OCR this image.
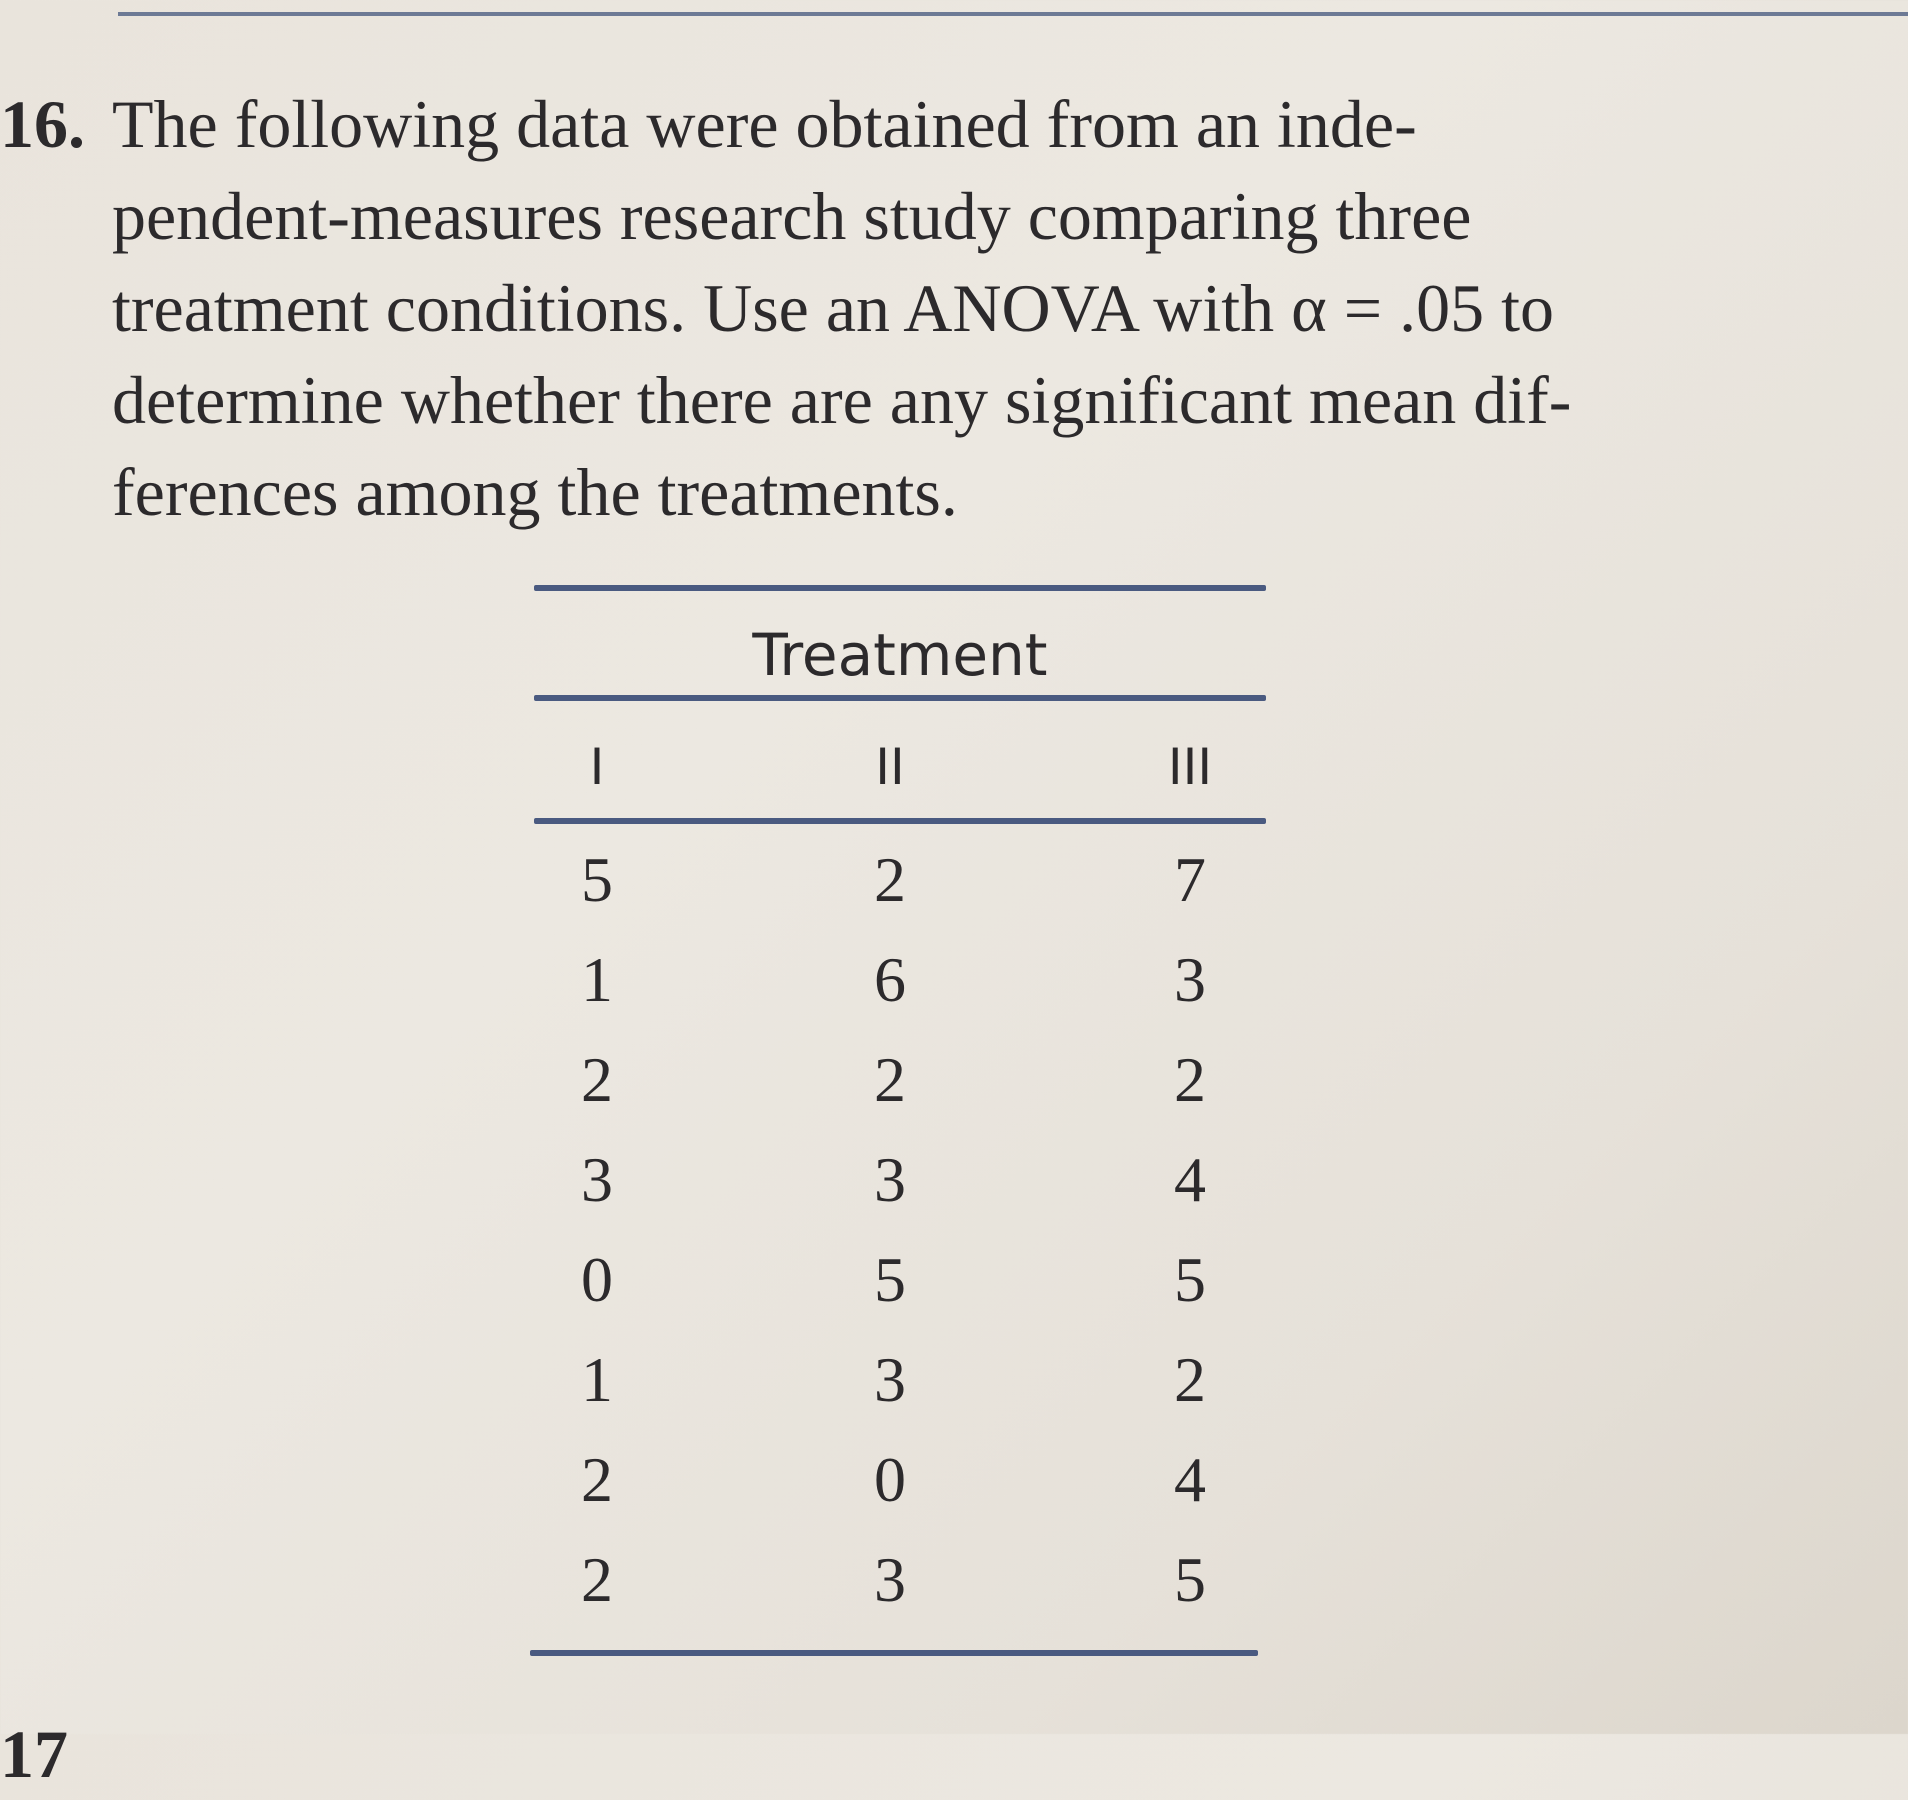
16. The following data were obtained from an inde-
pendent-measures research study comparing three
treatment conditions. Use an ANOVA with α = .05 to
determine whether there are any significant mean dif-
ferences among the treatments.
Treatment
I	II	III
5	2	7
1	6	3
2	2	2
3	3	4
0	5	5
1	3	2
2	0	4
2	3	5
17
